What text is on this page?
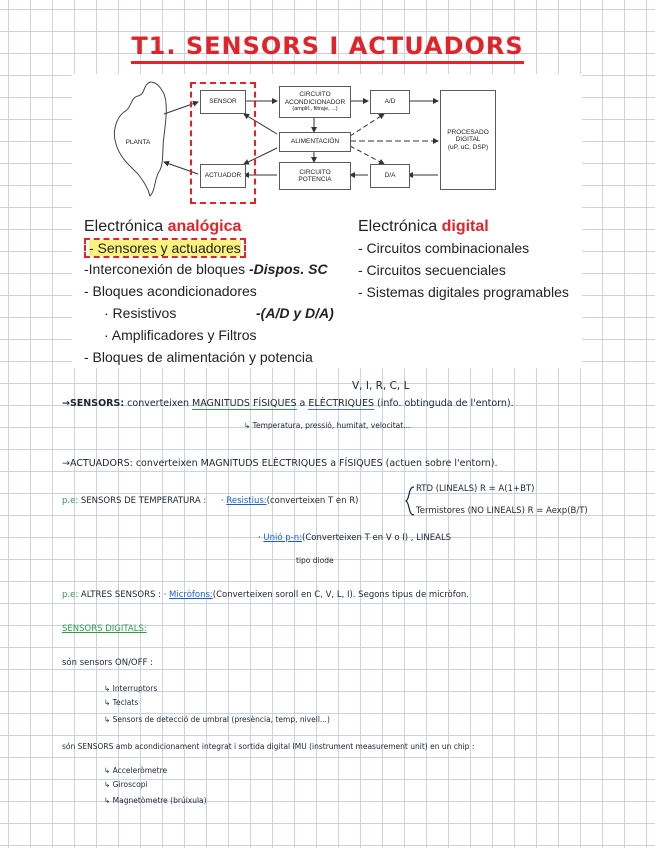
T1. SENSORS I ACTUADORS
PLANTA
SENSOR
CIRCUITO
ACONDICIONADOR
(amplif., filtraje, ...)
A/D
PROCESADO
DIGITAL
(uP, uC, DSP)
ALIMENTACIÓN
ACTUADOR
CIRCUITO
POTENCIA
D/A
Electrónica analógica
- Sensores y actuadores
-Interconexión de bloques -Dispos. SC
- Bloques acondicionadores
· Resistivos	-(A/D y D/A)
· Amplificadores y Filtros
- Bloques de alimentación y potencia
Electrónica digital
- Circuitos combinacionales
- Circuitos secuenciales
- Sistemas digitales programables
V, I, R, C, L
→SENSORS: converteixen MAGNITUDS FÍSIQUES a ELÈCTRIQUES (info. obtinguda de l'entorn).
↳ Temperatura, pressió, humitat, velocitat...
→ACTUADORS: converteixen MAGNITUDS ELÈCTRIQUES a FÍSIQUES (actuen sobre l'entorn).
p.e: SENSORS DE TEMPERATURA : · Resistius:(converteixen T en R)
RTD (LINEALS) R = A(1+BT)
Termistores (NO LINEALS) R = Aexp(B/T)
· Unió p-n:(Converteixen T en V o I) , LINEALS
tipo diode
p.e: ALTRES SENSORS : · Micròfons:(Converteixen soroll en C, V, L, I). Segons tipus de micròfon.
SENSORS DIGITALS:
són sensors ON/OFF :
↳ Interruptors
↳ Teclats
↳ Sensors de detecció de umbral (presència, temp, nivell...)
són SENSORS amb acondicionament integrat i sortida digital IMU (instrument measurement unit) en un chip :
↳ Acceleròmetre
↳ Giroscopi
↳ Magnetòmetre (brúixula)
